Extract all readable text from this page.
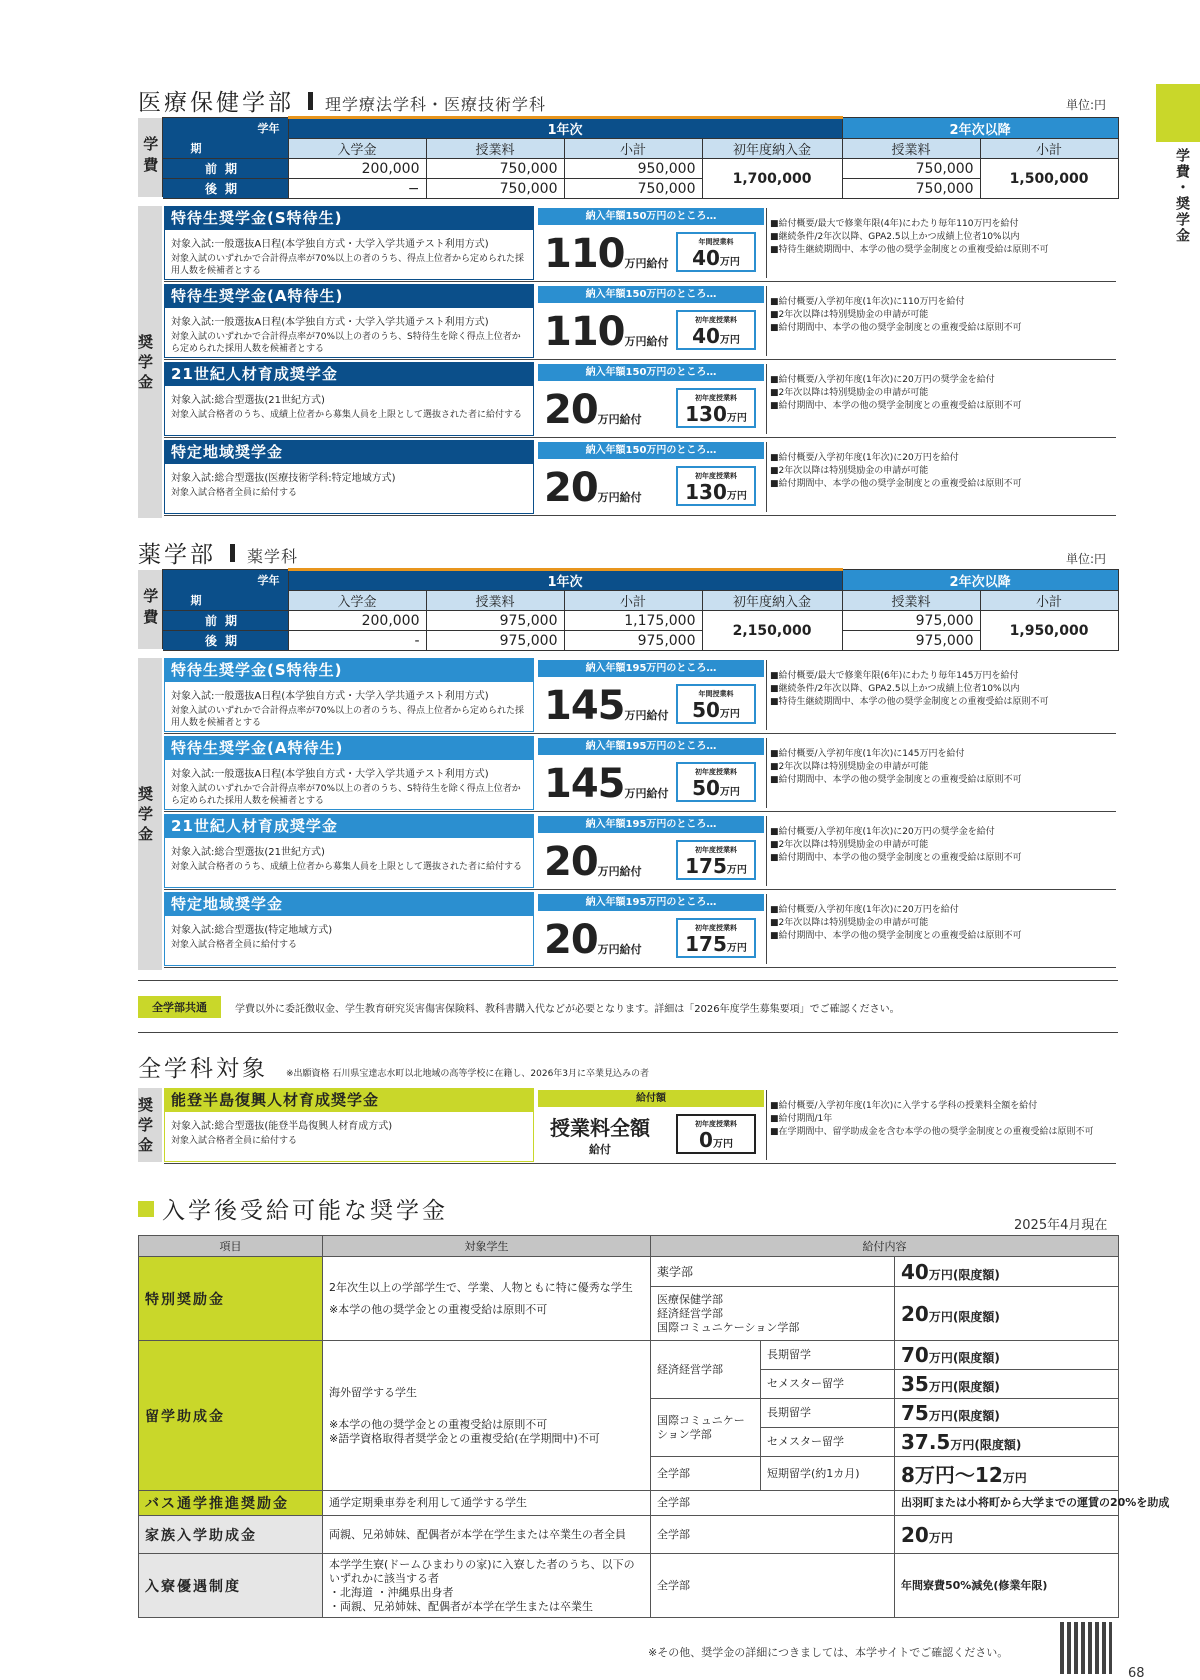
学費・奨学金
医療保健学部 理学療法学科・医療技術学科	単位:円
学費	学年
期	1年次				2年次以降	
		入学金	授業料	小計	初年度納入金	授業料	小計
	前期	200,000	750,000	950,000	1,700,000	750,000	1,500,000
	後期	−	750,000	750,000		750,000	
奨学金
特待生奨学金(S特待生)
対象入試:一般選抜A日程(本学独自方式・大学入学共通テスト利用方式)
対象入試のいずれかで合計得点率が70%以上の者のうち、得点上位者から定められた採用人数を候補者とする
納入年額150万円のところ…
110万円給付
年間授業料
40万円
■給付概要/最大で修業年限(4年)にわたり毎年110万円を給付
■継続条件/2年次以降、GPA2.5以上かつ成績上位者10%以内
■特待生継続期間中、本学の他の奨学金制度との重複受給は原則不可
特待生奨学金(A特待生)
対象入試:一般選抜A日程(本学独自方式・大学入学共通テスト利用方式)
対象入試のいずれかで合計得点率が70%以上の者のうち、S特待生を除く得点上位者から定められた採用人数を候補者とする
納入年額150万円のところ…
110万円給付
初年度授業料
40万円
■給付概要/入学初年度(1年次)に110万円を給付
■2年次以降は特別奨励金の申請が可能
■給付期間中、本学の他の奨学金制度との重複受給は原則不可
21世紀人材育成奨学金
対象入試:総合型選抜(21世紀方式)
対象入試合格者のうち、成績上位者から募集人員を上限として選抜された者に給付する
納入年額150万円のところ…
20万円給付
初年度授業料
130万円
■給付概要/入学初年度(1年次)に20万円の奨学金を給付
■2年次以降は特別奨励金の申請が可能
■給付期間中、本学の他の奨学金制度との重複受給は原則不可
特定地域奨学金
対象入試:総合型選抜(医療技術学科:特定地域方式)
対象入試合格者全員に給付する
納入年額150万円のところ…
20万円給付
初年度授業料
130万円
■給付概要/入学初年度(1年次)に20万円を給付
■2年次以降は特別奨励金の申請が可能
■給付期間中、本学の他の奨学金制度との重複受給は原則不可
薬学部 薬学科	単位:円
学費	学年
期	1年次				2年次以降	
		入学金	授業料	小計	初年度納入金	授業料	小計
	前期	200,000	975,000	1,175,000	2,150,000	975,000	1,950,000
	後期	-	975,000	975,000		975,000	
奨学金
特待生奨学金(S特待生)
対象入試:一般選抜A日程(本学独自方式・大学入学共通テスト利用方式)
対象入試のいずれかで合計得点率が70%以上の者のうち、得点上位者から定められた採用人数を候補者とする
納入年額195万円のところ…
145万円給付
年間授業料
50万円
■給付概要/最大で修業年限(6年)にわたり毎年145万円を給付
■継続条件/2年次以降、GPA2.5以上かつ成績上位者10%以内
■特待生継続期間中、本学の他の奨学金制度との重複受給は原則不可
特待生奨学金(A特待生)
対象入試:一般選抜A日程(本学独自方式・大学入学共通テスト利用方式)
対象入試のいずれかで合計得点率が70%以上の者のうち、S特待生を除く得点上位者から定められた採用人数を候補者とする
納入年額195万円のところ…
145万円給付
初年度授業料
50万円
■給付概要/入学初年度(1年次)に145万円を給付
■2年次以降は特別奨励金の申請が可能
■給付期間中、本学の他の奨学金制度との重複受給は原則不可
21世紀人材育成奨学金
対象入試:総合型選抜(21世紀方式)
対象入試合格者のうち、成績上位者から募集人員を上限として選抜された者に給付する
納入年額195万円のところ…
20万円給付
初年度授業料
175万円
■給付概要/入学初年度(1年次)に20万円の奨学金を給付
■2年次以降は特別奨励金の申請が可能
■給付期間中、本学の他の奨学金制度との重複受給は原則不可
特定地域奨学金
対象入試:総合型選抜(特定地域方式)
対象入試合格者全員に給付する
納入年額195万円のところ…
20万円給付
初年度授業料
175万円
■給付概要/入学初年度(1年次)に20万円を給付
■2年次以降は特別奨励金の申請が可能
■給付期間中、本学の他の奨学金制度との重複受給は原則不可
全学部共通	学費以外に委託徴収金、学生教育研究災害傷害保険料、教科書購入代などが必要となります。詳細は「2026年度学生募集要項」でご確認ください。
全学科対象 ※出願資格 石川県宝達志水町以北地域の高等学校に在籍し、2026年3月に卒業見込みの者
奨学金
能登半島復興人材育成奨学金
対象入試:総合型選抜(能登半島復興人材育成方式)
対象入試合格者全員に給付する
給付額
授業料全額
給付
初年度授業料
0万円
■給付概要/入学初年度(1年次)に入学する学科の授業料全額を給付
■給付期間/1年
■在学期間中、留学助成金を含む本学の他の奨学金制度との重複受給は原則不可
入学後受給可能な奨学金
2025年4月現在
項目	対象学生	給付内容		
特別奨励金	2年次生以上の学部学生で、学業、人物ともに特に優秀な学生
※本学の他の奨学金との重複受給は原則不可	薬学部		40万円(限度額)
		医療保健学部
経済経営学部
国際コミュニケーション学部		20万円(限度額)
留学助成金	海外留学する学生
※本学の他の奨学金との重複受給は原則不可
※語学資格取得者奨学金との重複受給(在学期間中)不可	経済経営学部	長期留学	70万円(限度額)
			セメスター留学	35万円(限度額)
		国際コミュニケーション学部	長期留学	75万円(限度額)
			セメスター留学	37.5万円(限度額)
		全学部	短期留学(約1カ月)	8万円〜12万円
バス通学推進奨励金	通学定期乗車券を利用して通学する学生	全学部		出羽町または小将町から大学までの運賃の20%を助成
家族入学助成金	両親、兄弟姉妹、配偶者が本学在学生または卒業生の者全員	全学部		20万円
入寮優遇制度	本学学生寮(ドームひまわりの家)に入寮した者のうち、以下のいずれかに該当する者
・北海道 ・沖縄県出身者
・両親、兄弟姉妹、配偶者が本学在学生または卒業生	全学部		年間寮費50%減免(修業年限)
※その他、奨学金の詳細につきましては、本学サイトでご確認ください。
68
